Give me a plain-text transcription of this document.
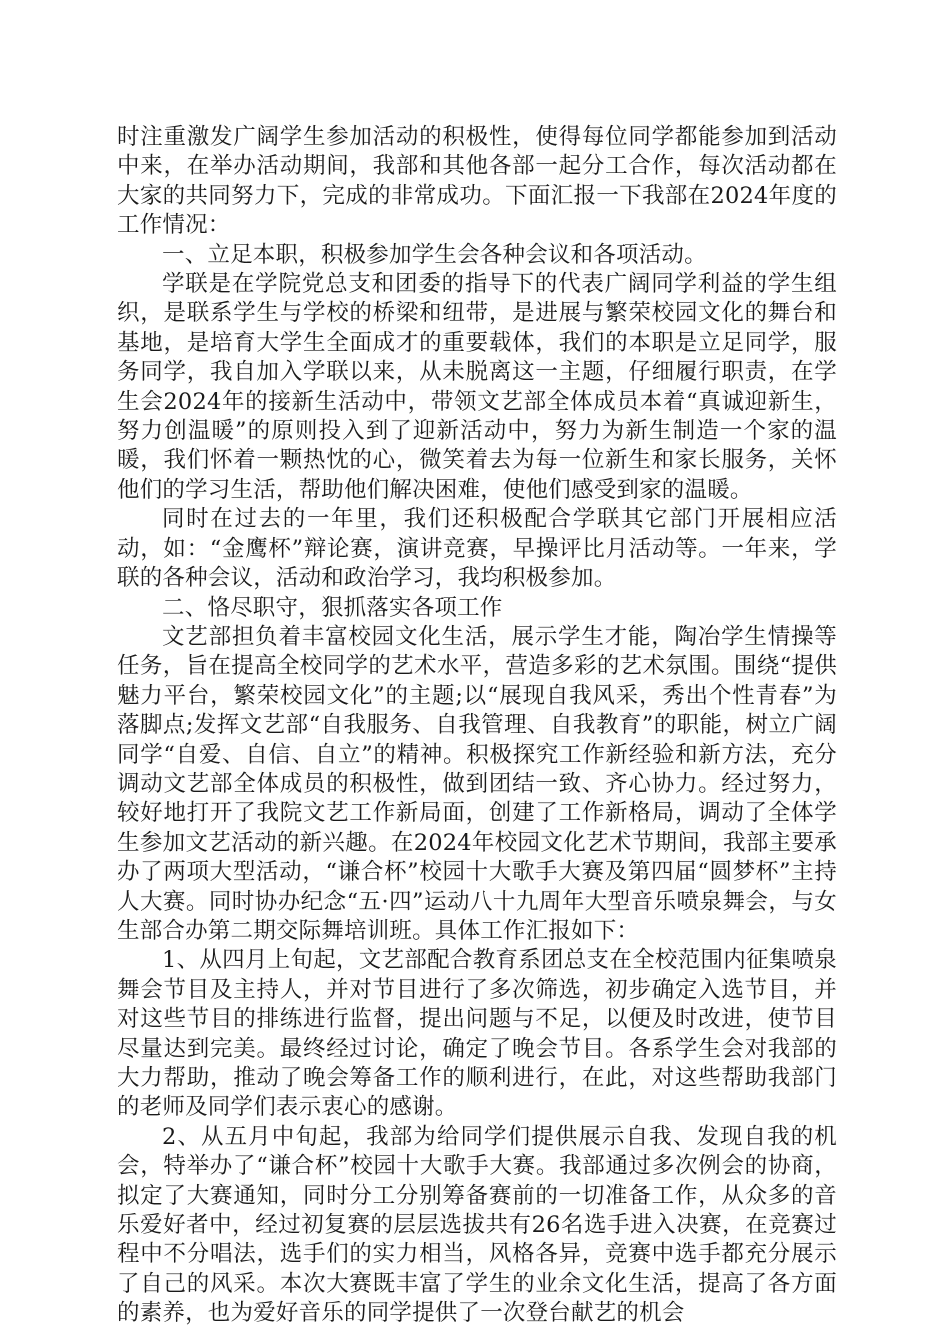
时注重激发广阔学生参加活动的积极性，使得每位同学都能参加到活动中来，在举办活动期间，我部和其他各部一起分工合作，每次活动都在大家的共同努力下，完成的非常成功。下面汇报一下我部在2024年度的工作情况：

一、立足本职，积极参加学生会各种会议和各项活动。

学联是在学院党总支和团委的指导下的代表广阔同学利益的学生组织，是联系学生与学校的桥梁和纽带，是进展与繁荣校园文化的舞台和基地，是培育大学生全面成才的重要载体，我们的本职是立足同学，服务同学，我自加入学联以来，从未脱离这一主题，仔细履行职责，在学生会2024年的接新生活动中，带领文艺部全体成员本着“真诚迎新生，努力创温暖”的原则投入到了迎新活动中，努力为新生制造一个家的温暖，我们怀着一颗热忱的心，微笑着去为每一位新生和家长服务，关怀他们的学习生活，帮助他们解决困难，使他们感受到家的温暖。

同时在过去的一年里，我们还积极配合学联其它部门开展相应活动，如：“金鹰杯”辩论赛，演讲竞赛，早操评比月活动等。一年来，学联的各种会议，活动和政治学习，我均积极参加。

二、恪尽职守，狠抓落实各项工作

文艺部担负着丰富校园文化生活，展示学生才能，陶冶学生情操等任务，旨在提高全校同学的艺术水平，营造多彩的艺术氛围。围绕“提供魅力平台，繁荣校园文化”的主题;以“展现自我风采，秀出个性青春”为落脚点;发挥文艺部“自我服务、自我管理、自我教育”的职能，树立广阔同学“自爱、自信、自立”的精神。积极探究工作新经验和新方法，充分调动文艺部全体成员的积极性，做到团结一致、齐心协力。经过努力，较好地打开了我院文艺工作新局面，创建了工作新格局，调动了全体学生参加文艺活动的新兴趣。在2024年校园文化艺术节期间，我部主要承办了两项大型活动，“谦合杯”校园十大歌手大赛及第四届“圆梦杯”主持人大赛。同时协办纪念“五·四”运动八十九周年大型音乐喷泉舞会，与女生部合办第二期交际舞培训班。具体工作汇报如下：

1、从四月上旬起，文艺部配合教育系团总支在全校范围内征集喷泉舞会节目及主持人，并对节目进行了多次筛选，初步确定入选节目，并对这些节目的排练进行监督，提出问题与不足，以便及时改进，使节目尽量达到完美。最终经过讨论，确定了晚会节目。各系学生会对我部的大力帮助，推动了晚会筹备工作的顺利进行，在此，对这些帮助我部门的老师及同学们表示衷心的感谢。

2、从五月中旬起，我部为给同学们提供展示自我、发现自我的机会，特举办了“谦合杯”校园十大歌手大赛。我部通过多次例会的协商，拟定了大赛通知，同时分工分别筹备赛前的一切准备工作，从众多的音乐爱好者中，经过初复赛的层层选拔共有26名选手进入决赛，在竞赛过程中不分唱法，选手们的实力相当，风格各异，竞赛中选手都充分展示了自己的风采。本次大赛既丰富了学生的业余文化生活，提高了各方面的素养，也为爱好音乐的同学提供了一次登台献艺的机会
